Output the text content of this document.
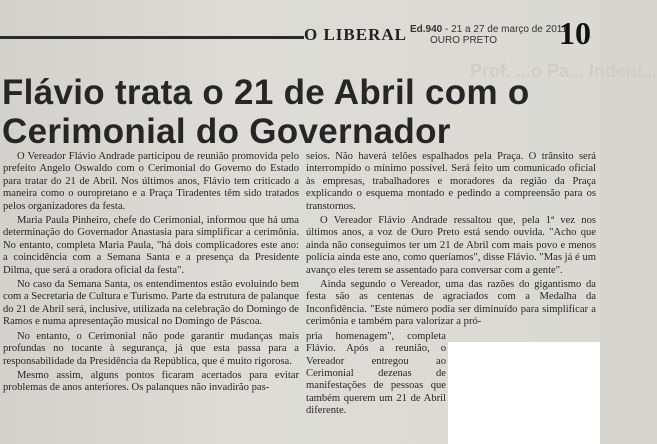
O LIBERAL Ed.940 - 21 a 27 de março de 2011
OURO PRETO 10
Prof. ...o Pa... Indeni...
Flávio trata o 21 de Abril com o Cerimonial do Governador

O Vereador Flávio Andrade participou de reunião promovida pelo prefeito Angelo Oswaldo com o Cerimonial do Governo do Estado para tratar do 21 de Abril. Nos últimos anos, Flávio tem criticado a maneira como o ouropretano e a Praça Tiradentes têm sido tratados pelos organizadores da festa.

Maria Paula Pinheiro, chefe do Cerimonial, informou que há uma determinação do Governador Anastasia para simplificar a cerimônia. No entanto, completa Maria Paula, "há dois complicadores este ano: a coincidência com a Semana Santa e a presença da Presidente Dilma, que será a oradora oficial da festa".

No caso da Semana Santa, os entendimentos estão evoluindo bem com a Secretaria de Cultura e Turismo. Parte da estrutura de palanque do 21 de Abril será, inclusive, utilizada na celebração do Domingo de Ramos e numa apresentação musical no Domingo de Páscoa.

No entanto, o Cerimonial não pode garantir mudanças mais profundas no tocante à segurança, já que esta passa para a responsabilidade da Presidência da República, que é muito rigorosa.

Mesmo assim, alguns pontos ficaram acertados para evitar problemas de anos anteriores. Os palanques não invadirão pas-

seios. Não haverá telões espalhados pela Praça. O trânsito será interrompido o mínimo possível. Será feito um comunicado oficial às empresas, trabalhadores e moradores da região da Praça explicando o esquema montado e pedindo a compreensão para os transtornos.

O Vereador Flávio Andrade ressaltou que, pela 1ª vez nos últimos anos, a voz de Ouro Preto está sendo ouvida. "Acho que ainda não conseguimos ter um 21 de Abril com mais povo e menos polícia ainda este ano, como queríamos", disse Flávio. "Mas já é um avanço eles terem se assentado para conversar com a gente".

Ainda segundo o Vereador, uma das razões do gigantismo da festa são as centenas de agraciados com a Medalha da Inconfidência. "Este número podia ser diminuído para simplificar a cerimônia e também para valorizar a pró-

pria homenagem", completa Flávio. Após a reunião, o Vereador entregou ao Cerimonial dezenas de manifestações de pessoas que também querem um 21 de Abril diferente.
